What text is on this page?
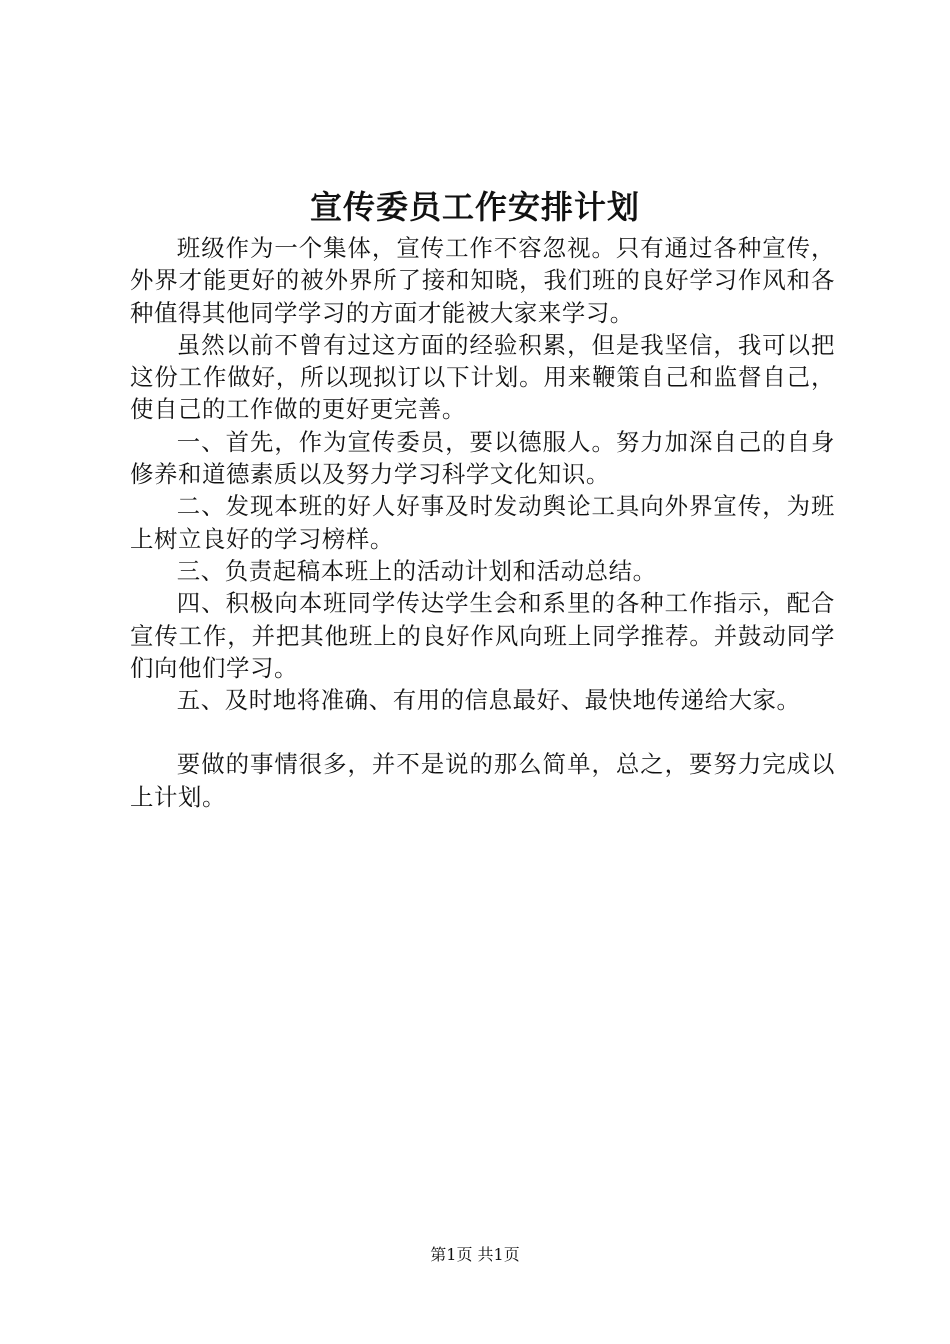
宣传委员工作安排计划

班级作为一个集体，宣传工作不容忽视。只有通过各种宣传，外界才能更好的被外界所了接和知晓，我们班的良好学习作风和各种值得其他同学学习的方面才能被大家来学习。

虽然以前不曾有过这方面的经验积累，但是我坚信，我可以把这份工作做好，所以现拟订以下计划。用来鞭策自己和监督自己，使自己的工作做的更好更完善。

一、首先，作为宣传委员，要以德服人。努力加深自己的自身修养和道德素质以及努力学习科学文化知识。

二、发现本班的好人好事及时发动舆论工具向外界宣传，为班上树立良好的学习榜样。

三、负责起稿本班上的活动计划和活动总结。

四、积极向本班同学传达学生会和系里的各种工作指示，配合宣传工作，并把其他班上的良好作风向班上同学推荐。并鼓动同学们向他们学习。

五、及时地将准确、有用的信息最好、最快地传递给大家。

要做的事情很多，并不是说的那么简单，总之，要努力完成以上计划。

第1页 共1页
